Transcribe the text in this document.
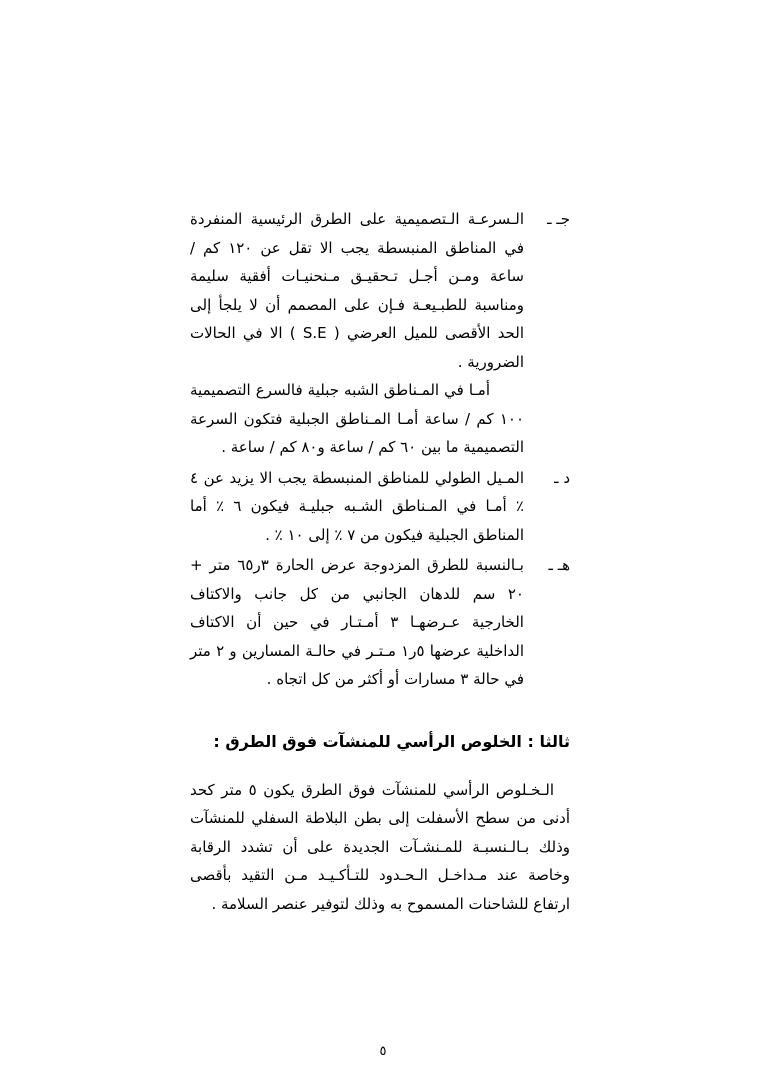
جـ ـ

الـسرعـة الـتصميمية على الطرق الرئيسية المنفردة في المناطق المنبسطة يجب الا تقل عن ١٢٠ كم / ساعة ومـن أجـل تـحقيـق مـنحنيـات أفقية سليمة ومناسبة للطبـيعـة فـإن على المصمم أن لا يلجأ إلى الحد الأقصى للميل العرضي ( S.E ) الا في الحالات الضرورية .

أمـا في المـناطق الشبه جبلية فالسرع التصميمية ١٠٠ كم / ساعة أمـا المـناطق الجبلية فتكون السرعة التصميمية ما بين ٦٠ كم / ساعة و٨٠ كم / ساعة .

د ـ

المـيل الطولي للمناطق المنبسطة يجب الا يزيد عن ٤ ٪ أمـا في المـناطق الشـبه جبليـة فيكون ٦ ٪ أما المناطق الجبلية فيكون من ٧ ٪ إلى ١٠ ٪ .

هـ ـ

بـالنسبة للطرق المزدوجة عرض الحارة ٣ر٦٥ متر + ٢٠ سم للدهان الجانبي من كل جانب والاكتاف الخارجية عـرضهـا ٣ أمـتـار في حين أن الاكتاف الداخلية عرضها ٥ر١ مـتـر في حالـة المسارين و ٢ متر في حالة ٣ مسارات أو أكثر من كل اتجاه .

ثالثا : الخلوص الرأسي للمنشآت فوق الطرق :

الـخـلوص الرأسي للمنشآت فوق الطرق يكون ٥ متر كحد أدنى من سطح الأسفلت إلى بطن البلاطة السفلي للمنشآت وذلك بـالـنسبـة للمـنشـآت الجديدة على أن تشدد الرقابة وخاصة عند مـداخـل الـحـدود للتـأكـيـد مـن التقيد بأقصى ارتفاع للشاحنات المسموح به وذلك لتوفير عنصر السلامة .

٥
